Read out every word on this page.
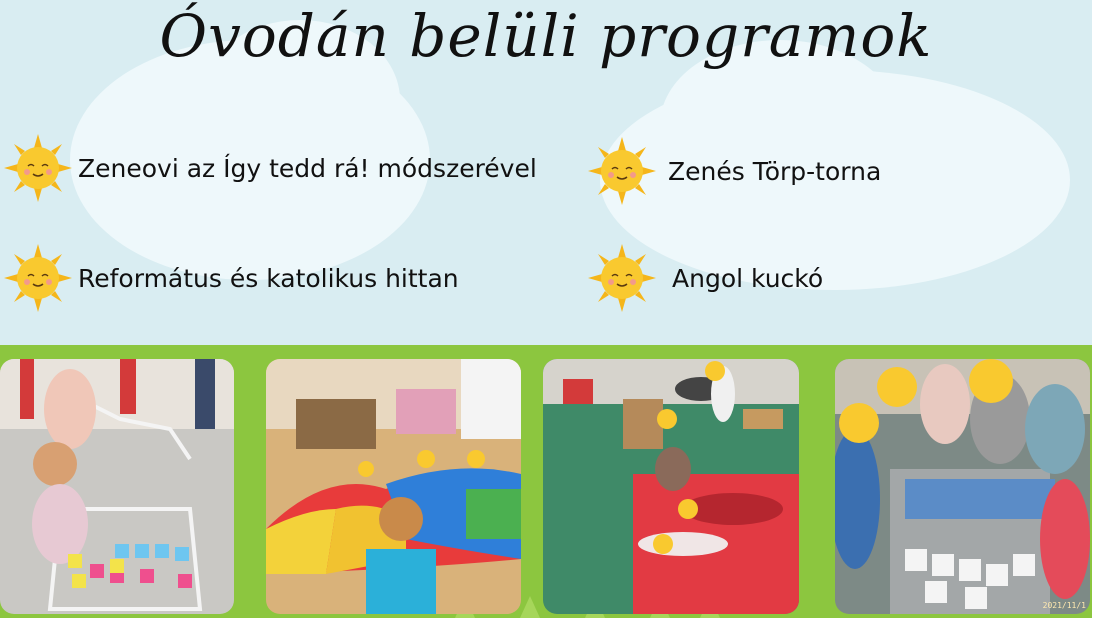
Óvodán belüli programok
Zeneovi az Így tedd rá! módszerével	Zenés Törp-torna
Református és katolikus hittan	Angol kuckó
2021/11/1
